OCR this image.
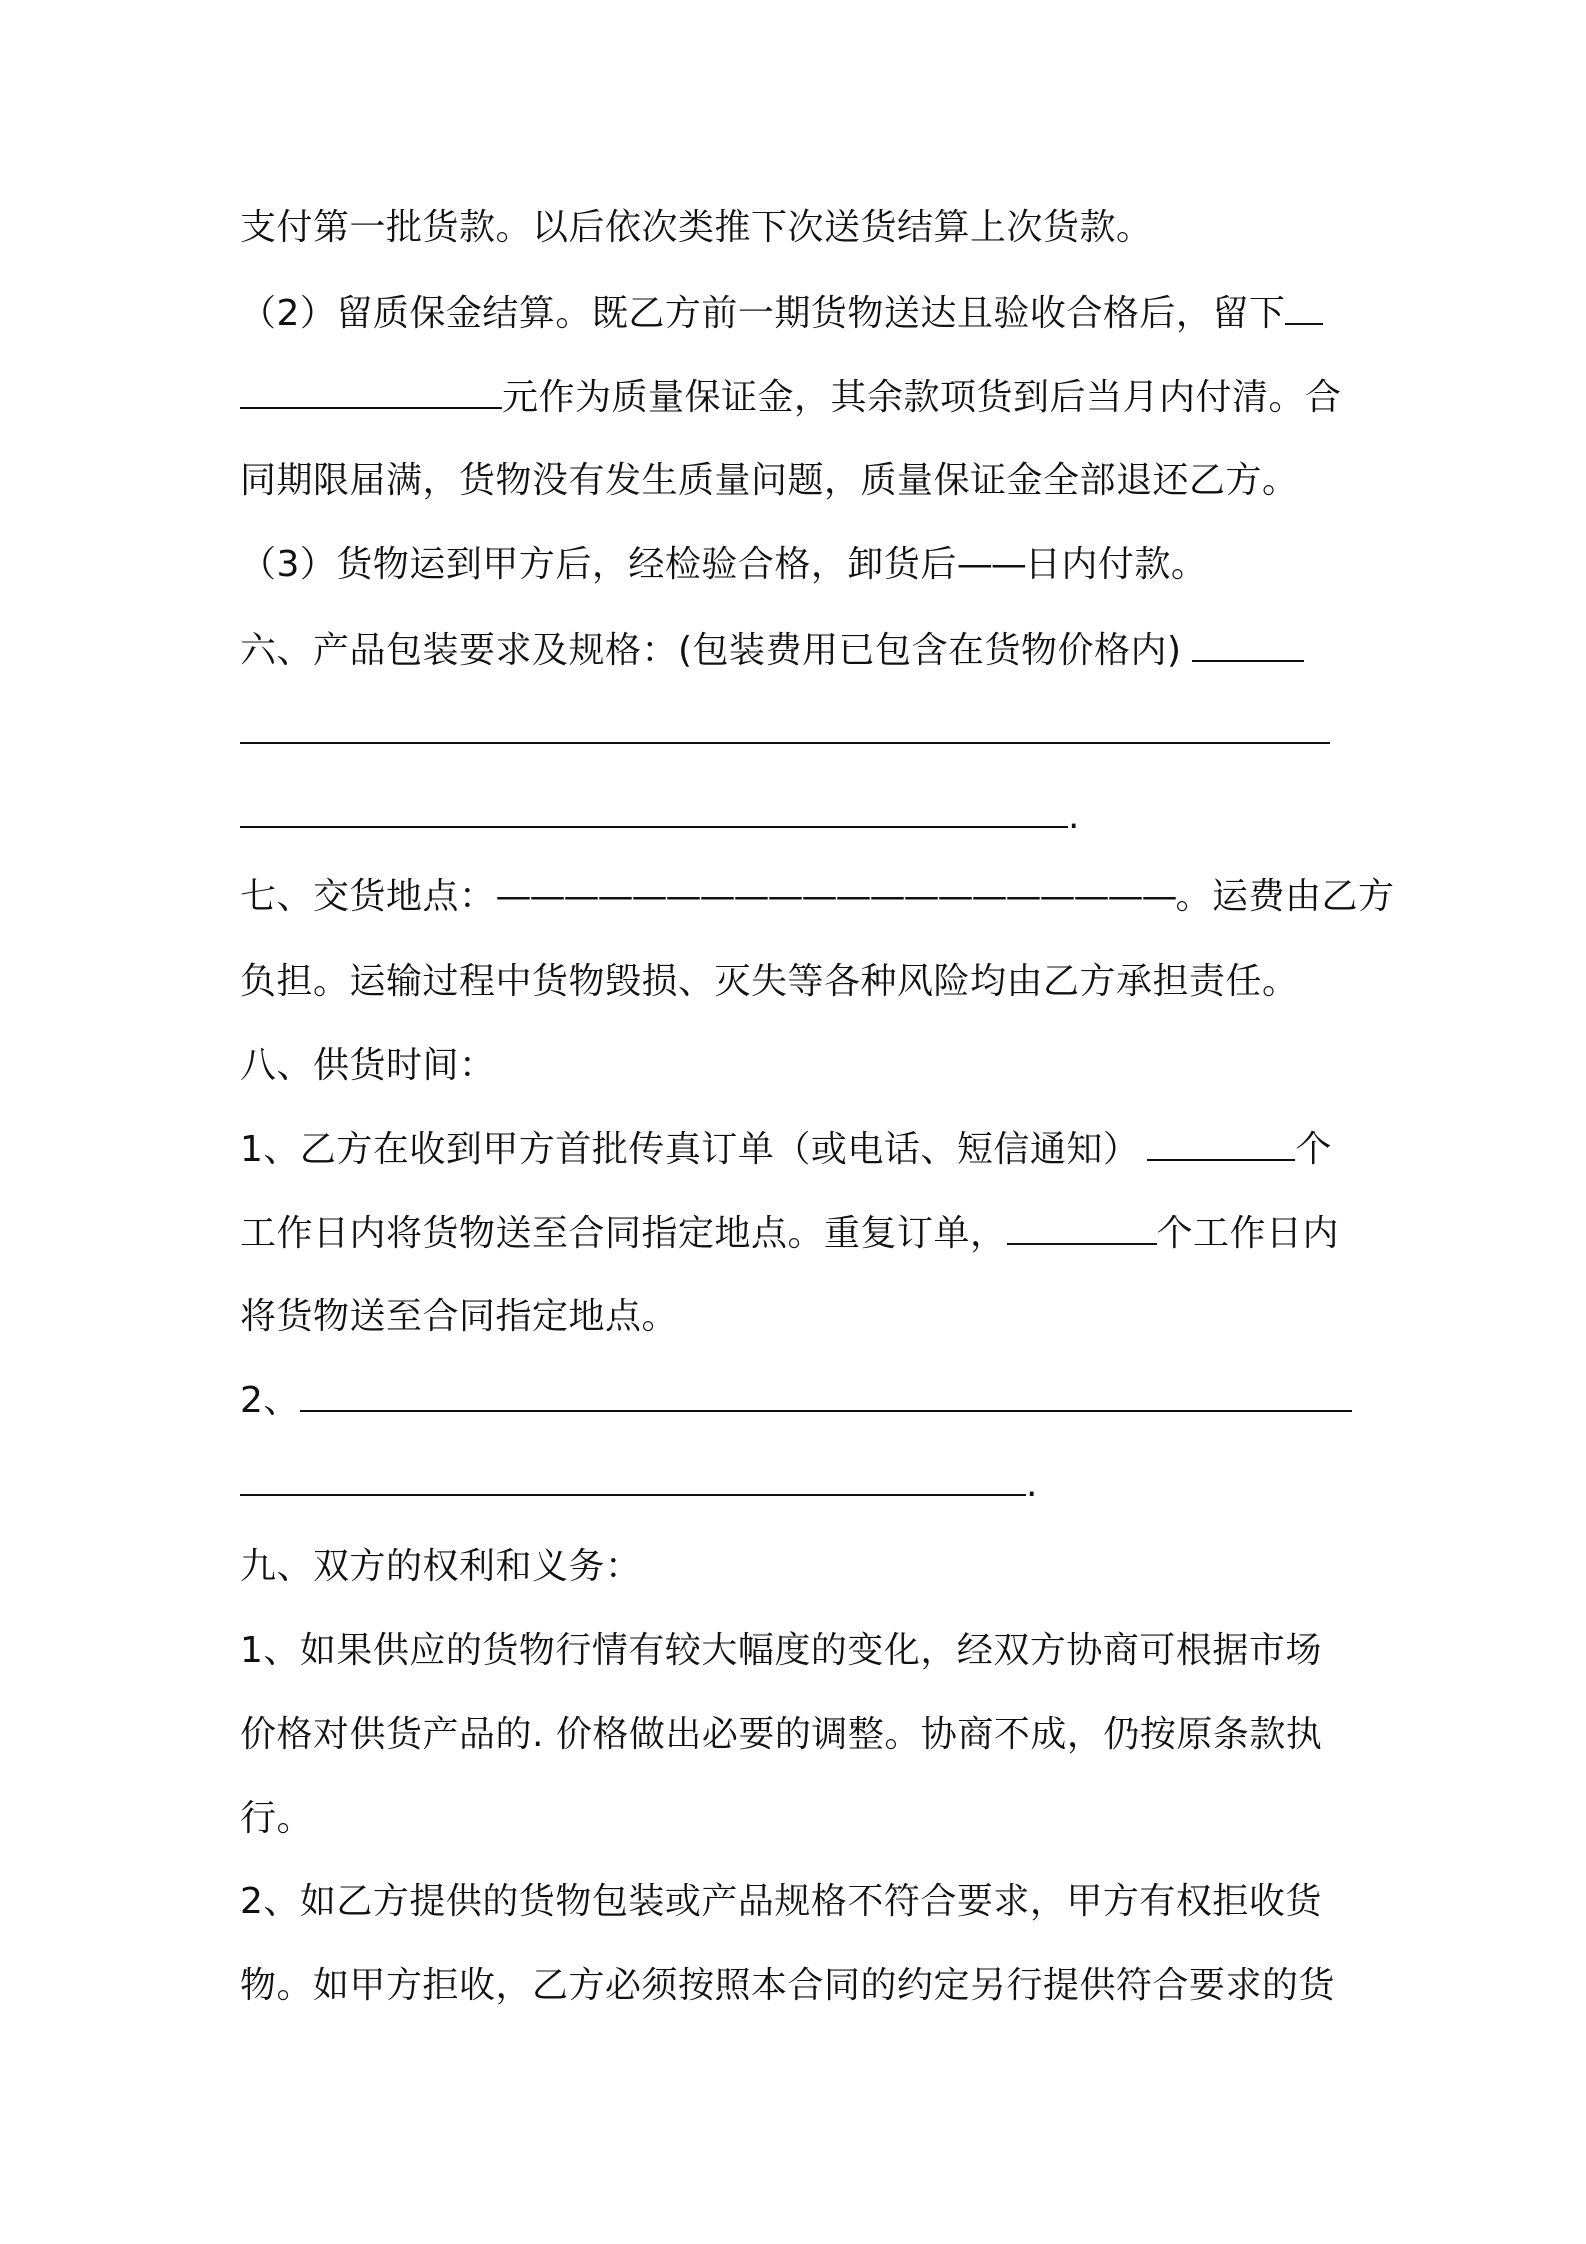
支付第一批货款。以后依次类推下次送货结算上次货款。
（2）留质保金结算。既乙方前一期货物送达且验收合格后，留下
元作为质量保证金，其余款项货到后当月内付清。合
同期限届满，货物没有发生质量问题，质量保证金全部退还乙方。
（3）货物运到甲方后，经检验合格，卸货后——日内付款。
六、产品包装要求及规格：(包装费用已包含在货物价格内)
.
七、交货地点：————————————————————。运费由乙方
负担。运输过程中货物毁损、灭失等各种风险均由乙方承担责任。
八、供货时间：
1、乙方在收到甲方首批传真订单（或电话、短信通知）	个
工作日内将货物送至合同指定地点。重复订单，	个工作日内
将货物送至合同指定地点。
2、
.
九、双方的权利和义务：
1、如果供应的货物行情有较大幅度的变化，经双方协商可根据市场
价格对供货产品的. 价格做出必要的调整。协商不成，仍按原条款执
行。
2、如乙方提供的货物包装或产品规格不符合要求，甲方有权拒收货
物。如甲方拒收，乙方必须按照本合同的约定另行提供符合要求的货
